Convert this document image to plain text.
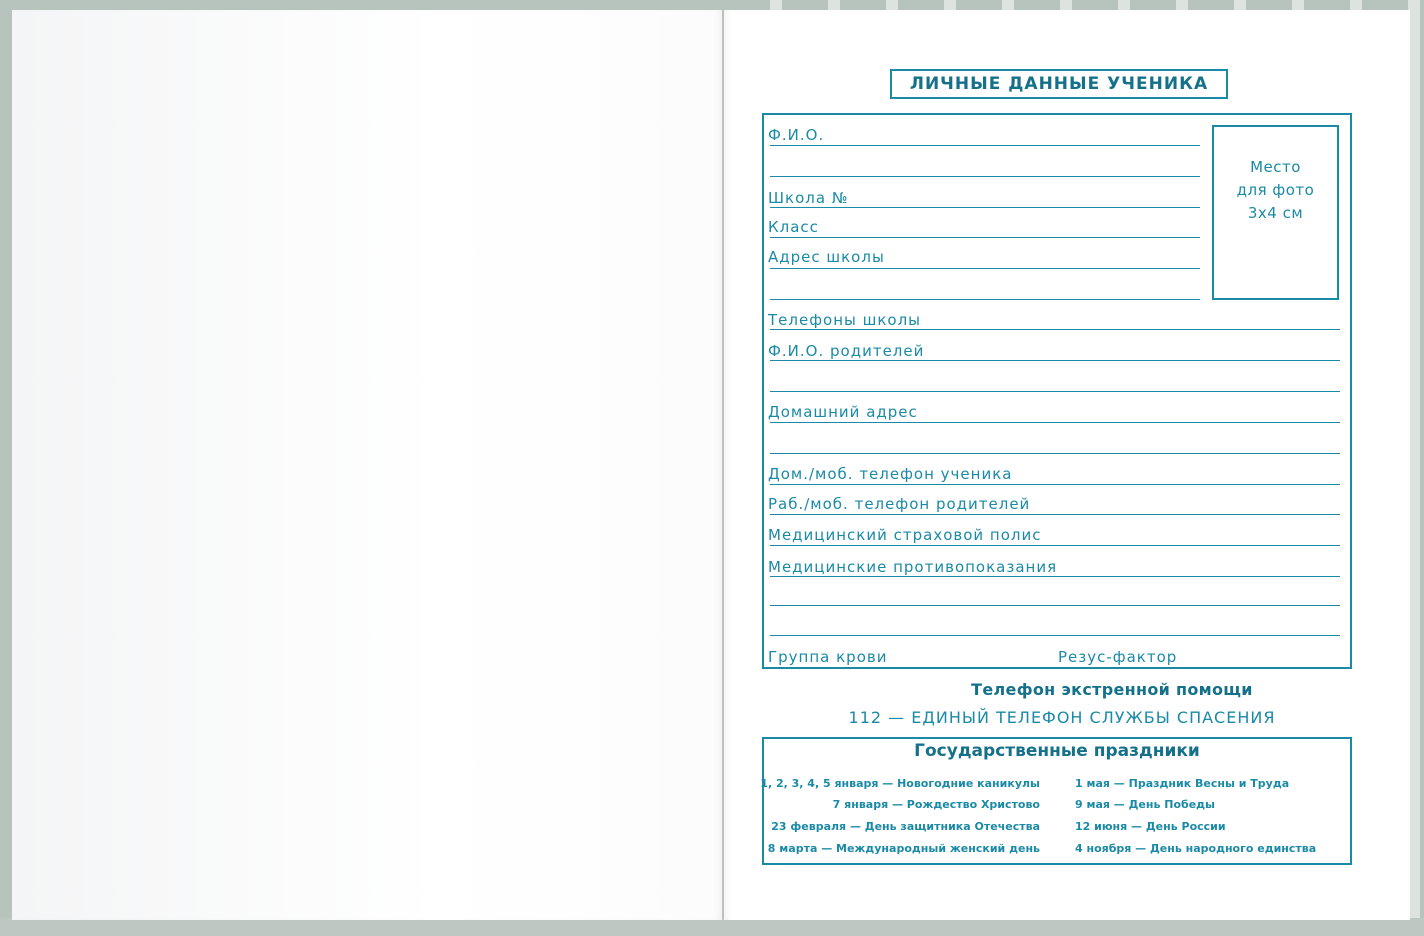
ЛИЧНЫЕ ДАННЫЕ УЧЕНИКА
Место
для фото
3x4 см
Ф.И.О.
Школа №
Класс
Адрес школы
Телефоны школы
Ф.И.О. родителей
Домашний адрес
Дом./моб. телефон ученика
Раб./моб. телефон родителей
Медицинский страховой полис
Медицинские противопоказания
Группа крови	Резус-фактор
Телефон экстренной помощи
112 — ЕДИНЫЙ ТЕЛЕФОН СЛУЖБЫ СПАСЕНИЯ
Государственные праздники
1, 2, 3, 4, 5 января — Новогодние каникулы
7 января — Рождество Христово
23 февраля — День защитника Отечества
8 марта — Международный женский день
1 мая — Праздник Весны и Труда
9 мая — День Победы
12 июня — День России
4 ноября — День народного единства
